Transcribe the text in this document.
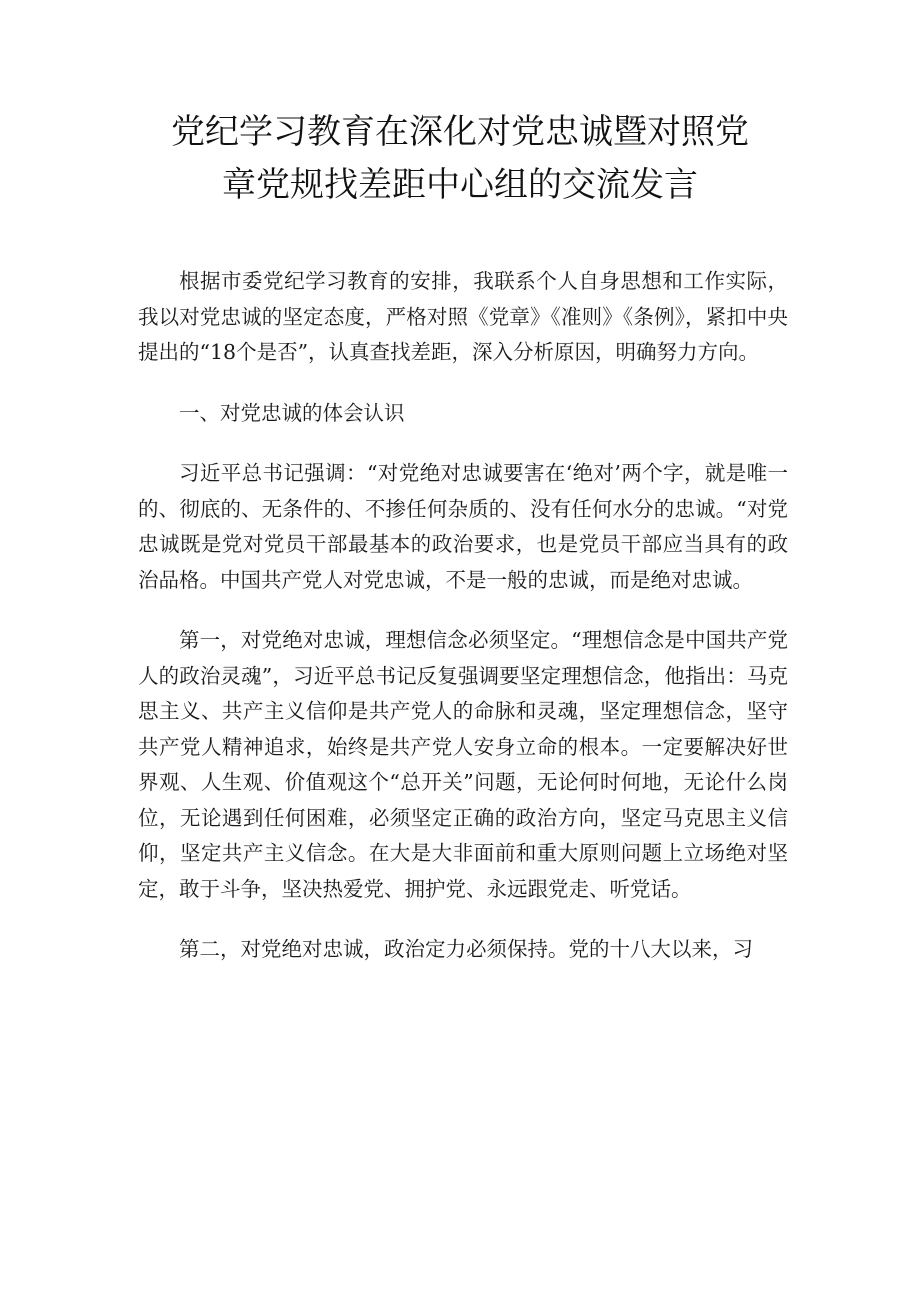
党纪学习教育在深化对党忠诚暨对照党
章党规找差距中心组的交流发言

根据市委党纪学习教育的安排，我联系个人自身思想和工作实际，我以对党忠诚的坚定态度，严格对照《党章》《准则》《条例》，紧扣中央提出的“18个是否”，认真查找差距，深入分析原因，明确努力方向。

一、对党忠诚的体会认识

习近平总书记强调：“对党绝对忠诚要害在‘绝对’两个字，就是唯一的、彻底的、无条件的、不掺任何杂质的、没有任何水分的忠诚。“对党忠诚既是党对党员干部最基本的政治要求，也是党员干部应当具有的政治品格。中国共产党人对党忠诚，不是一般的忠诚，而是绝对忠诚。

第一，对党绝对忠诚，理想信念必须坚定。“理想信念是中国共产党人的政治灵魂”，习近平总书记反复强调要坚定理想信念，他指出：马克思主义、共产主义信仰是共产党人的命脉和灵魂，坚定理想信念，坚守共产党人精神追求，始终是共产党人安身立命的根本。一定要解决好世界观、人生观、价值观这个“总开关”问题，无论何时何地，无论什么岗位，无论遇到任何困难，必须坚定正确的政治方向，坚定马克思主义信仰，坚定共产主义信念。在大是大非面前和重大原则问题上立场绝对坚定，敢于斗争，坚决热爱党、拥护党、永远跟党走、听党话。

第二，对党绝对忠诚，政治定力必须保持。党的十八大以来，习
